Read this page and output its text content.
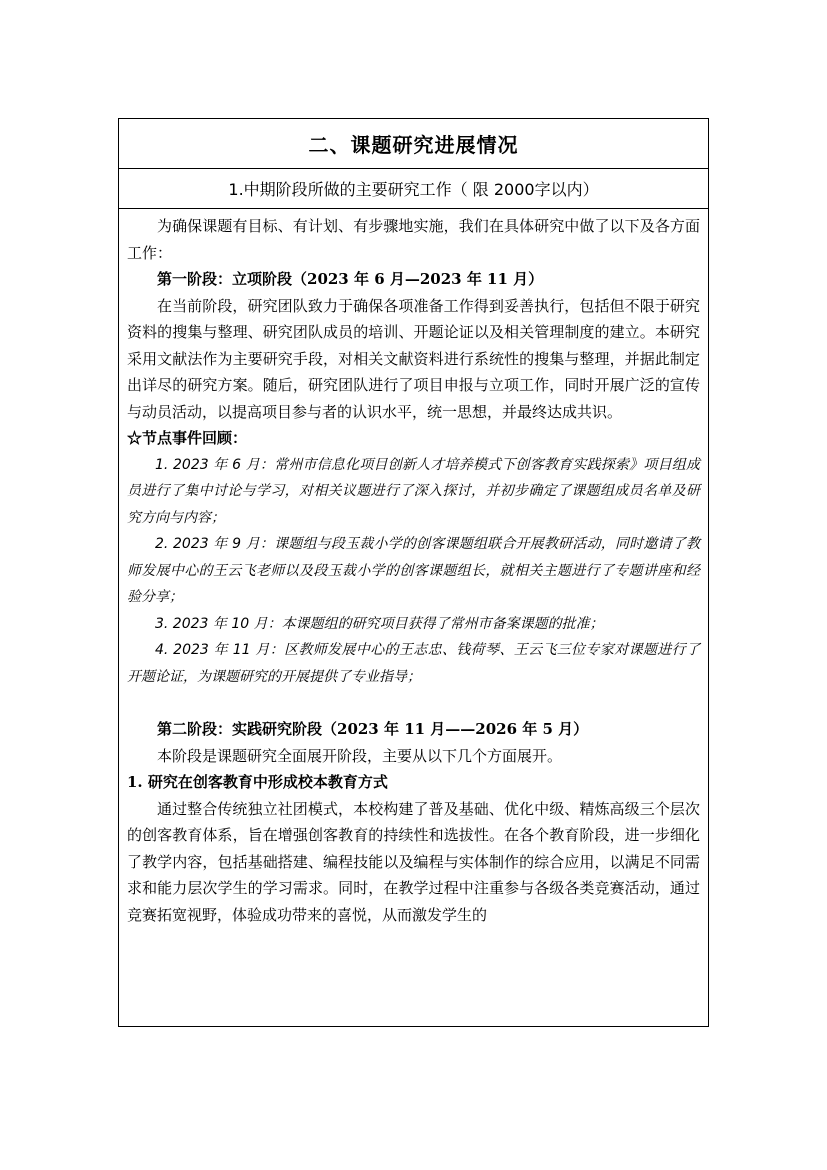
二、课题研究进展情况
1.中期阶段所做的主要研究工作（ 限 2000字以内）

为确保课题有目标、有计划、有步骤地实施，我们在具体研究中做了以下及各方面工作：

第一阶段：立项阶段（2023 年 6 月—2023 年 11 月）

在当前阶段，研究团队致力于确保各项准备工作得到妥善执行，包括但不限于研究资料的搜集与整理、研究团队成员的培训、开题论证以及相关管理制度的建立。本研究采用文献法作为主要研究手段，对相关文献资料进行系统性的搜集与整理，并据此制定出详尽的研究方案。随后，研究团队进行了项目申报与立项工作，同时开展广泛的宣传与动员活动，以提高项目参与者的认识水平，统一思想，并最终达成共识。

☆节点事件回顾：

1. 2023 年 6 月：常州市信息化项目创新人才培养模式下创客教育实践探索》项目组成员进行了集中讨论与学习，对相关议题进行了深入探讨，并初步确定了课题组成员名单及研究方向与内容；

2. 2023 年 9 月：课题组与段玉裁小学的创客课题组联合开展教研活动，同时邀请了教师发展中心的王云飞老师以及段玉裁小学的创客课题组长，就相关主题进行了专题讲座和经验分享；

3. 2023 年 10 月：本课题组的研究项目获得了常州市备案课题的批准；

4. 2023 年 11 月：区教师发展中心的王志忠、钱荷琴、王云飞三位专家对课题进行了开题论证，为课题研究的开展提供了专业指导；

第二阶段：实践研究阶段（2023 年 11 月——2026 年 5 月）

本阶段是课题研究全面展开阶段，主要从以下几个方面展开。

1. 研究在创客教育中形成校本教育方式

通过整合传统独立社团模式，本校构建了普及基础、优化中级、精炼高级三个层次的创客教育体系，旨在增强创客教育的持续性和选拔性。在各个教育阶段，进一步细化了教学内容，包括基础搭建、编程技能以及编程与实体制作的综合应用，以满足不同需求和能力层次学生的学习需求。同时，在教学过程中注重参与各级各类竞赛活动，通过竞赛拓宽视野，体验成功带来的喜悦，从而激发学生的
